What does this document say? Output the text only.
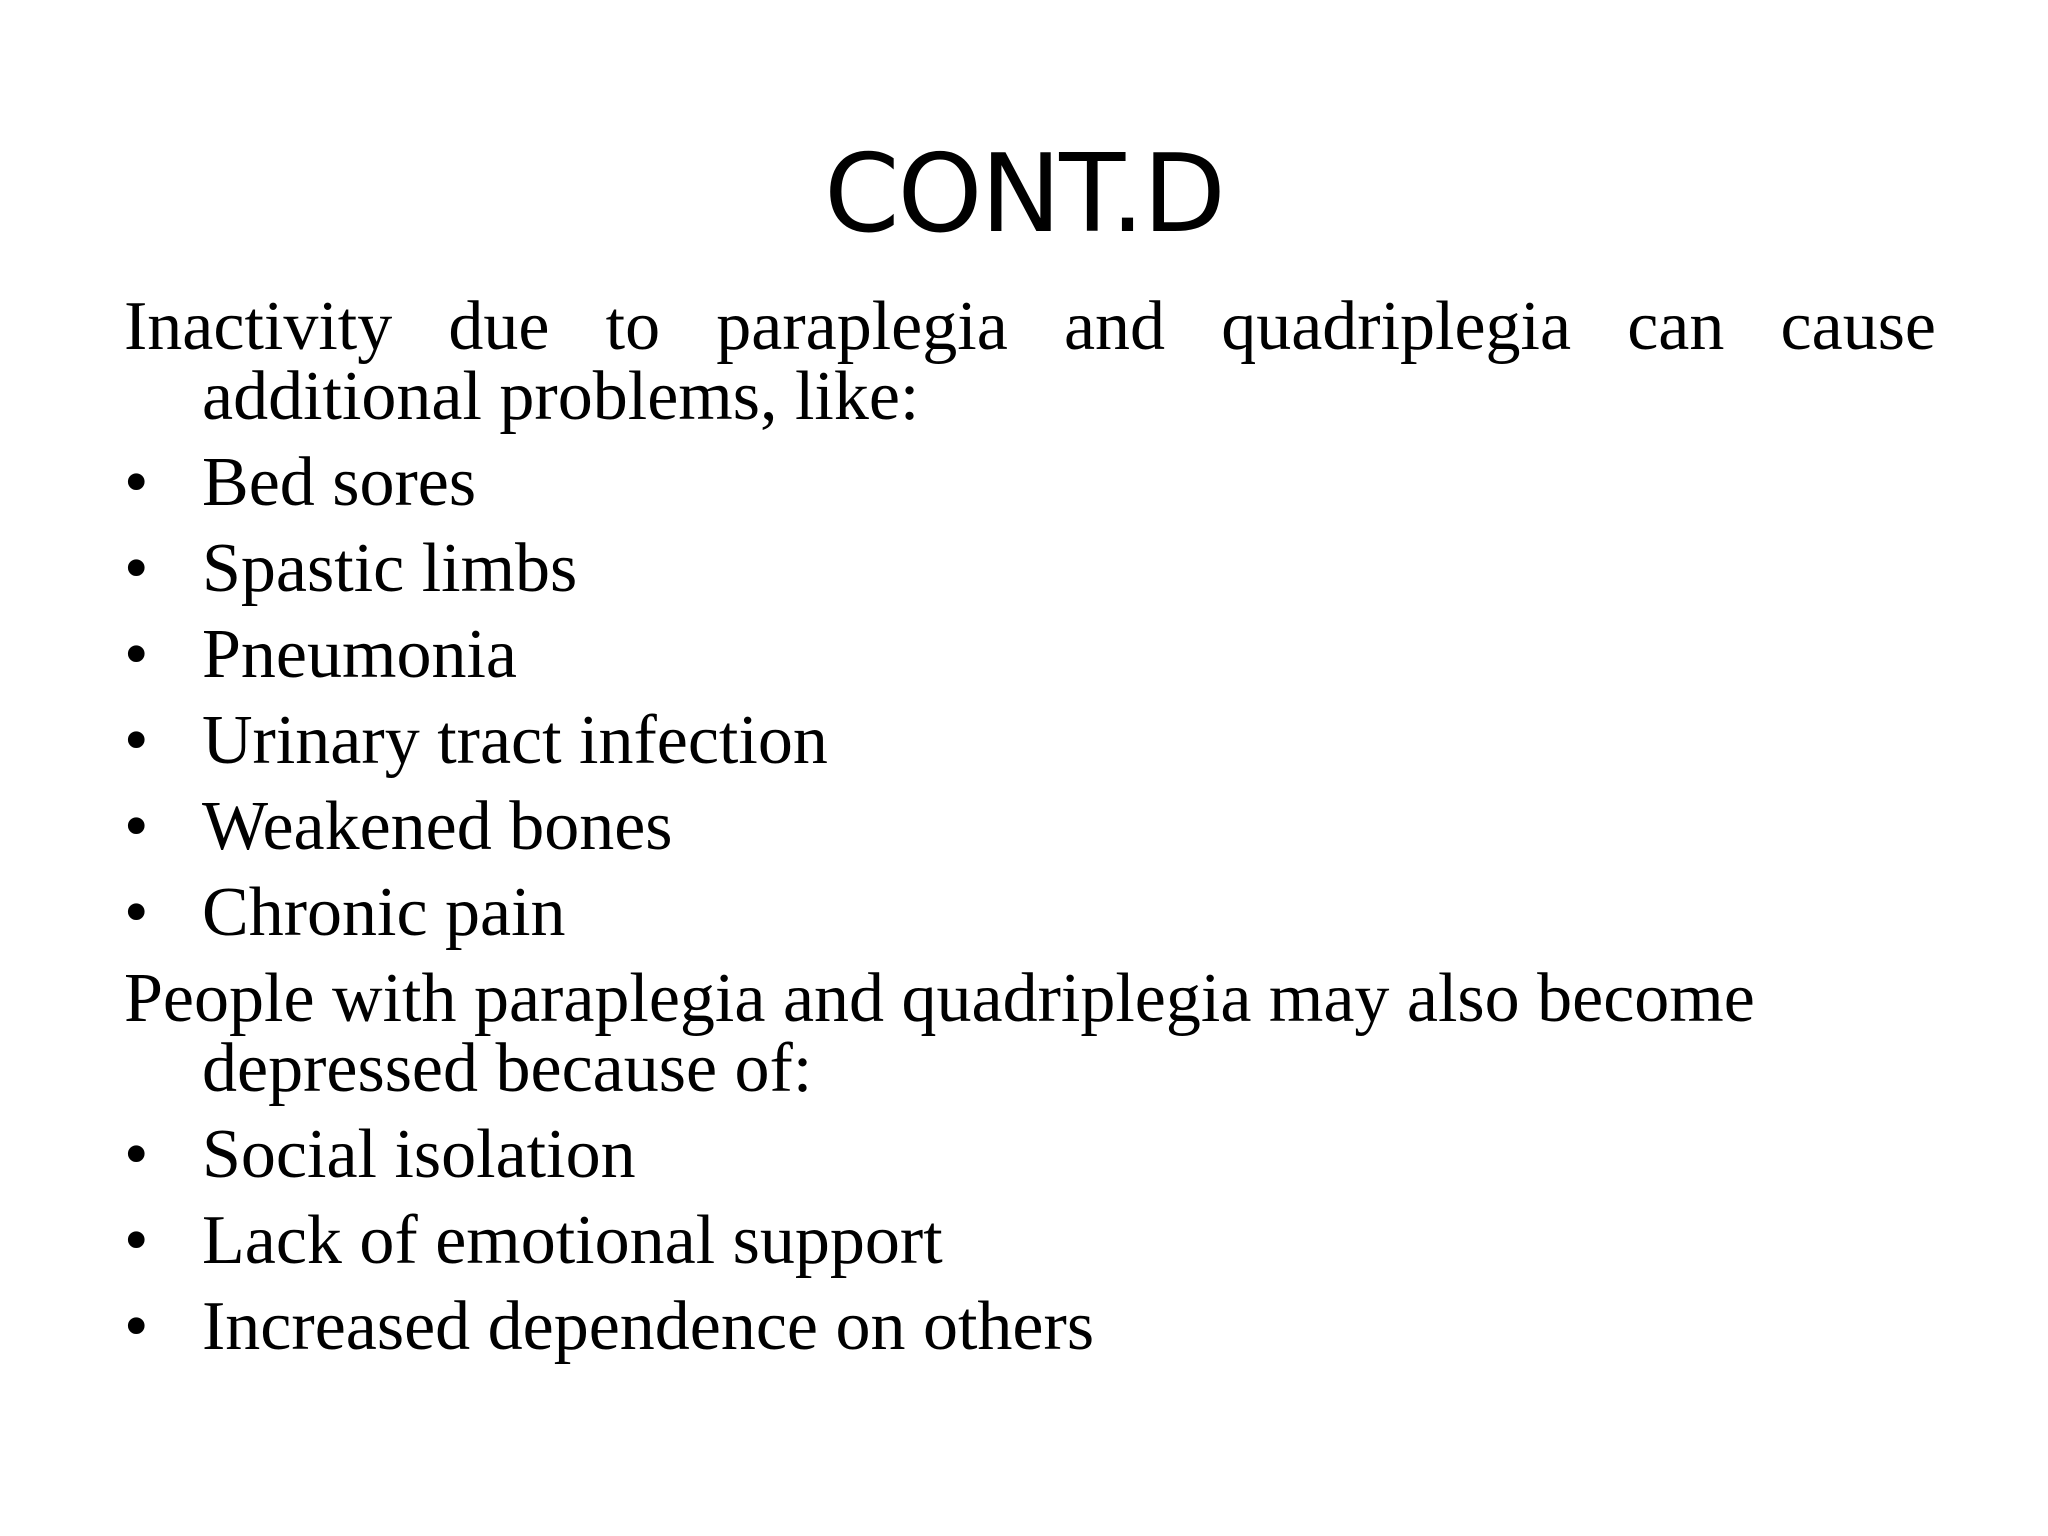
CONT.D
Inactivity due to paraplegia and quadriplegia can cause additional problems, like:
• Bed sores
• Spastic limbs
• Pneumonia
• Urinary tract infection
• Weakened bones
• Chronic pain
People with paraplegia and quadriplegia may also become depressed because of:
• Social isolation
• Lack of emotional support
• Increased dependence on others
